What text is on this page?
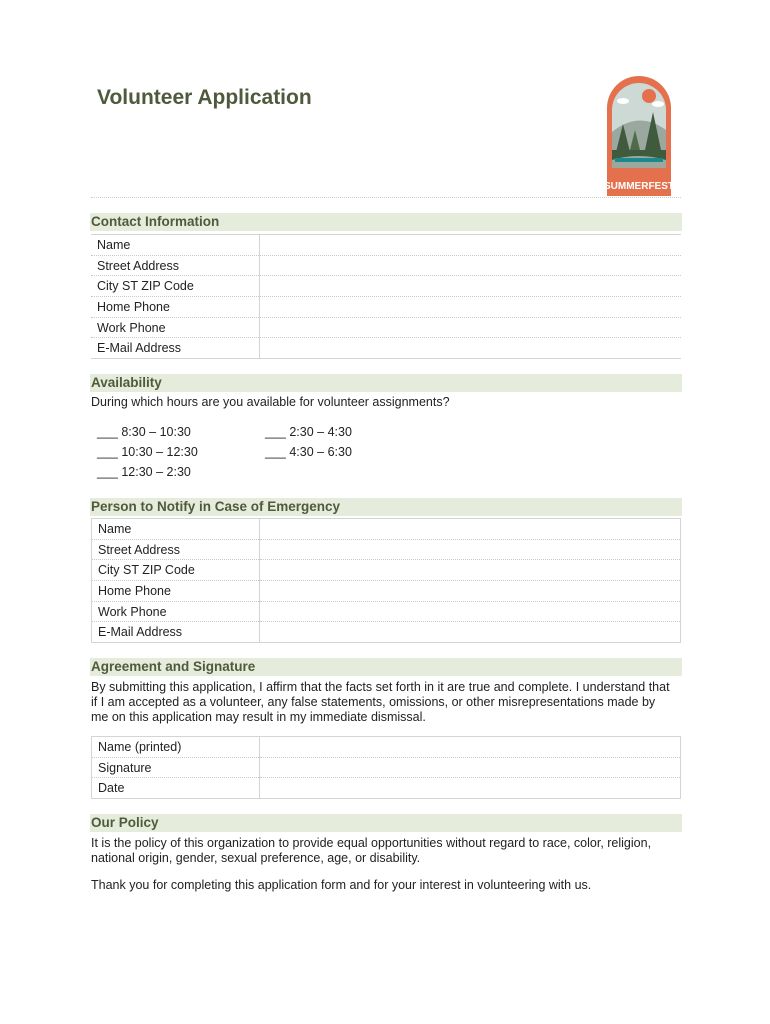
Volunteer Application
SUMMERFEST
Contact Information
Name	
Street Address	
City ST ZIP Code	
Home Phone	
Work Phone	
E-Mail Address	
Availability
During which hours are you available for volunteer assignments?
___ 8:30 – 10:30
___ 10:30 – 12:30
___ 12:30 – 2:30
___ 2:30 – 4:30
___ 4:30 – 6:30
Person to Notify in Case of Emergency
Name	
Street Address	
City ST ZIP Code	
Home Phone	
Work Phone	
E-Mail Address	
Agreement and Signature
By submitting this application, I affirm that the facts set forth in it are true and complete. I understand that
if I am accepted as a volunteer, any false statements, omissions, or other misrepresentations made by
me on this application may result in my immediate dismissal.
Name (printed)	
Signature	
Date	
Our Policy
It is the policy of this organization to provide equal opportunities without regard to race, color, religion,
national origin, gender, sexual preference, age, or disability.
Thank you for completing this application form and for your interest in volunteering with us.
